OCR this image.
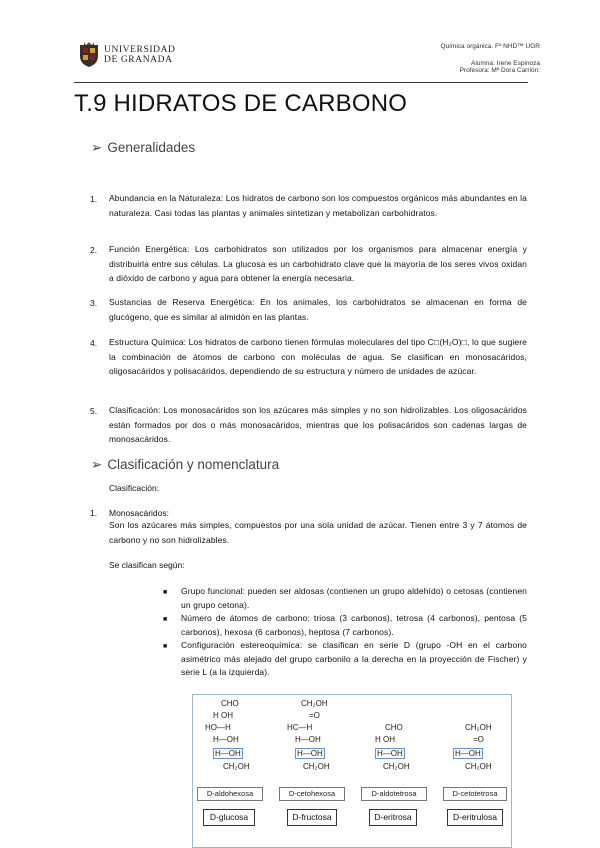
UNIVERSIDAD
DE GRANADA
Química orgánica. Fº NHD™ UGR
Alumna: Irene Espinoza
Profesora: Mª Dora Carrión:
T.9 HIDRATOS DE CARBONO
➢ Generalidades
1. Abundancia en la Naturaleza: Los hidratos de carbono son los compuestos orgánicos más abundantes en la naturaleza. Casi todas las plantas y animales sintetizan y metabolizan carbohidratos.
2. Función Energética: Los carbohidratos son utilizados por los organismos para almacenar energía y distribuirla entre sus células. La glucosa es un carbohidrato clave que la mayoría de los seres vivos oxidan a dióxido de carbono y agua para obtener la energía necesaria.
3. Sustancias de Reserva Energética: En los animales, los carbohidratos se almacenan en forma de glucógeno, que es similar al almidón en las plantas.
4. Estructura Química: Los hidratos de carbono tienen fórmulas moleculares del tipo C□(H₂O)□, lo que sugiere la combinación de átomos de carbono con moléculas de agua. Se clasifican en monosacáridos, oligosacáridos y polisacáridos, dependiendo de su estructura y número de unidades de azúcar.
5. Clasificación: Los monosacáridos son los azúcares más simples y no son hidrolizables. Los oligosacáridos están formados por dos o más monosacáridos, mientras que los polisacáridos son cadenas largas de monosacáridos.
➢ Clasificación y nomenclatura
Clasificación:
1. Monosacáridos:
Son los azúcares más simples, compuestos por una sola unidad de azúcar. Tienen entre 3 y 7 átomos de carbono y no son hidrolizables.
Se clasifican según:
■ Grupo funcional: pueden ser aldosas (contienen un grupo aldehído) o cetosas (contienen un grupo cetona).
■ Número de átomos de carbono: triosa (3 carbonos), tetrosa (4 carbonos), pentosa (5 carbonos), hexosa (6 carbonos), heptosa (7 carbonos).
■ Configuración estereoquímica: se clasifican en serie D (grupo -OH en el carbono asimétrico más alejado del grupo carbonilo a la derecha en la proyección de Fischer) y serie L (a la izquierda).
CHO
H OH
HO—H
H—OH
H—OH
CH₂OH
CH₂OH
=O
HC—H
H—OH
H—OH
CH₂OH
CHO
H OH
H—OH
CH₂OH
CH₂OH
=O
H—OH
CH₂OH
D-aldohexosa	D-cetohexosa	D-aldotetrosa	D-cetotetrosa
D-glucosa	D-fructosa	D-eritrosa	D-eritrulosa
